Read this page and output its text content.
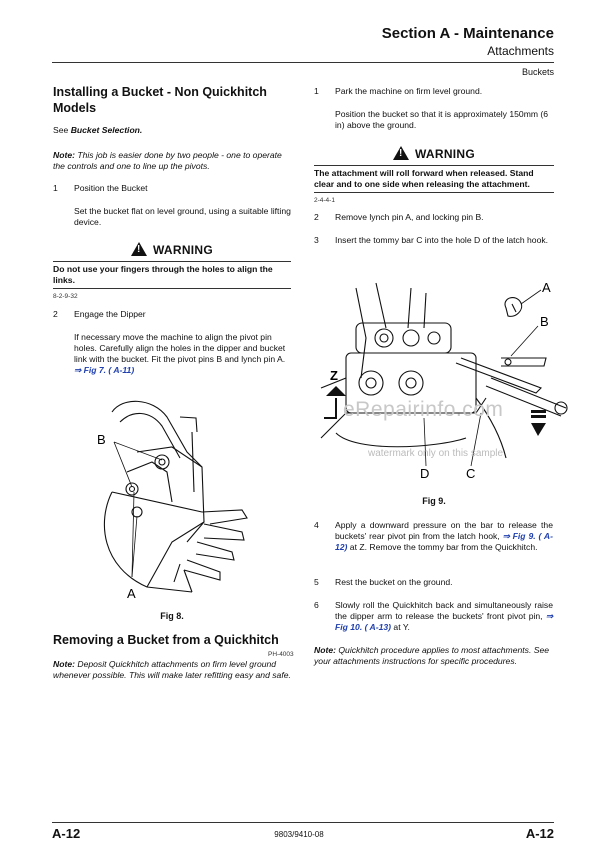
Section A - Maintenance
Attachments
Buckets
Installing a Bucket - Non Quickhitch Models
See Bucket Selection.
Note: This job is easier done by two people - one to operate the controls and one to line up the pivots.
1 Position the Bucket
Set the bucket flat on level ground, using a suitable lifting device.
!WARNING
Do not use your fingers through the holes to align the links.
8-2-9-32
2 Engage the Dipper
If necessary move the machine to align the pivot pin holes. Carefully align the holes in the dipper and bucket link with the bucket. Fit the pivot pins B and lynch pin A. ⇒ Fig 7. ( A-11)
B
A
Fig 8.
Removing a Bucket from a Quickhitch
PH-4003
Note: Deposit Quickhitch attachments on firm level ground whenever possible. This will make later refitting easy and safe.
1 Park the machine on firm level ground.
Position the bucket so that it is approximately 150mm (6 in) above the ground.
!WARNING
The attachment will roll forward when released. Stand clear and to one side when releasing the attachment.
2-4-4-1
2 Remove lynch pin A, and locking pin B.
3 Insert the tommy bar C into the hole D of the latch hook.
A
B
Z
D	C
eRepairinfo.com
watermark only on this sample
Fig 9.
4 Apply a downward pressure on the bar to release the buckets' rear pivot pin from the latch hook, ⇒ Fig 9. ( A-12) at Z. Remove the tommy bar from the Quickhitch.
5 Rest the bucket on the ground.
6 Slowly roll the Quickhitch back and simultaneously raise the dipper arm to release the buckets' front pivot pin, ⇒ Fig 10. ( A-13) at Y.
Note: Quickhitch procedure applies to most attachments. See your attachments instructions for specific procedures.
A-12	9803/9410-08	A-12
